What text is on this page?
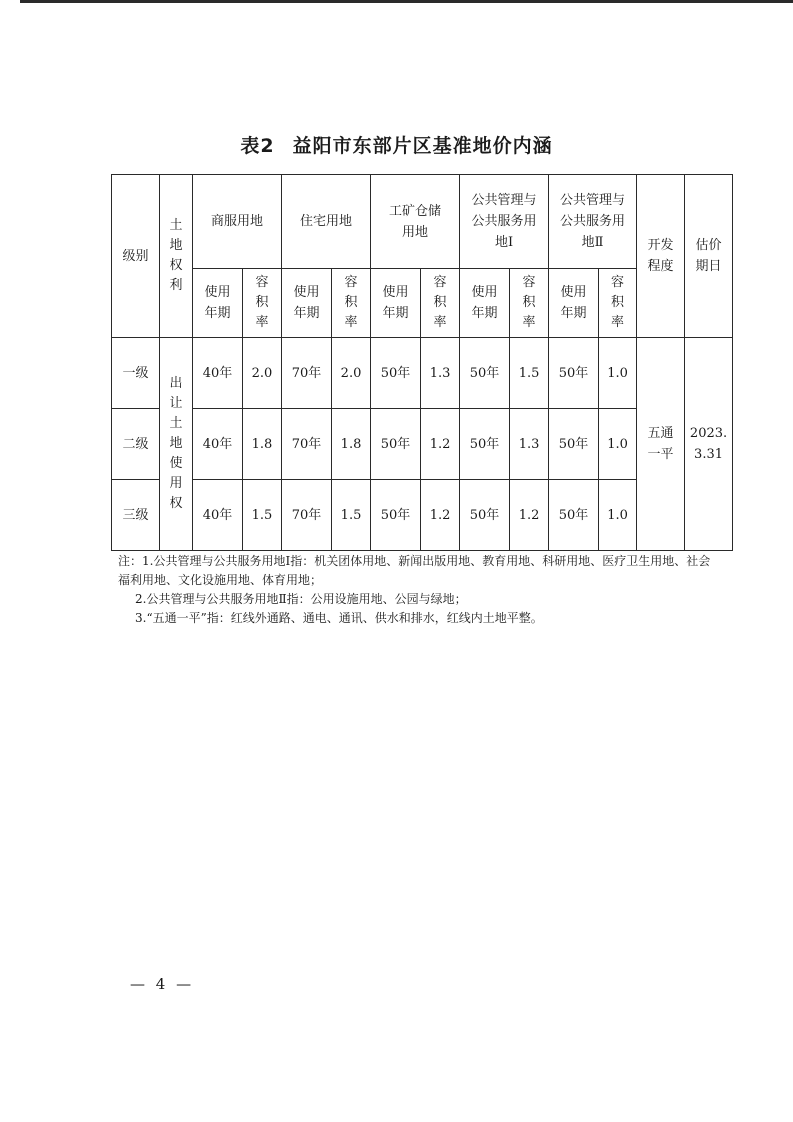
表2 益阳市东部片区基准地价内涵
级别	土地权利	商服用地		住宅用地		工矿仓储用地		公共管理与公共服务用地Ⅰ		公共管理与公共服务用地Ⅱ		开发程度	估价期日

		使用年期	容积率	使用年期	容积率	使用年期	容积率	使用年期	容积率	使用年期	容积率		
一级	出让土地使用权	40年	2.0	70年	2.0	50年	1.3	50年	1.5	50年	1.0	五通一平	2023.3.31

二级		40年	1.8	70年	1.8	50年	1.2	50年	1.3	50年	1.0		
三级		40年	1.5	70年	1.5	50年	1.2	50年	1.2	50年	1.0		

注：1.公共管理与公共服务用地Ⅰ指：机关团体用地、新闻出版用地、教育用地、科研用地、医疗卫生用地、社会福利用地、文化设施用地、体育用地；

2.公共管理与公共服务用地Ⅱ指：公用设施用地、公园与绿地；

3.“五通一平”指：红线外通路、通电、通讯、供水和排水，红线内土地平整。

— 4 —
